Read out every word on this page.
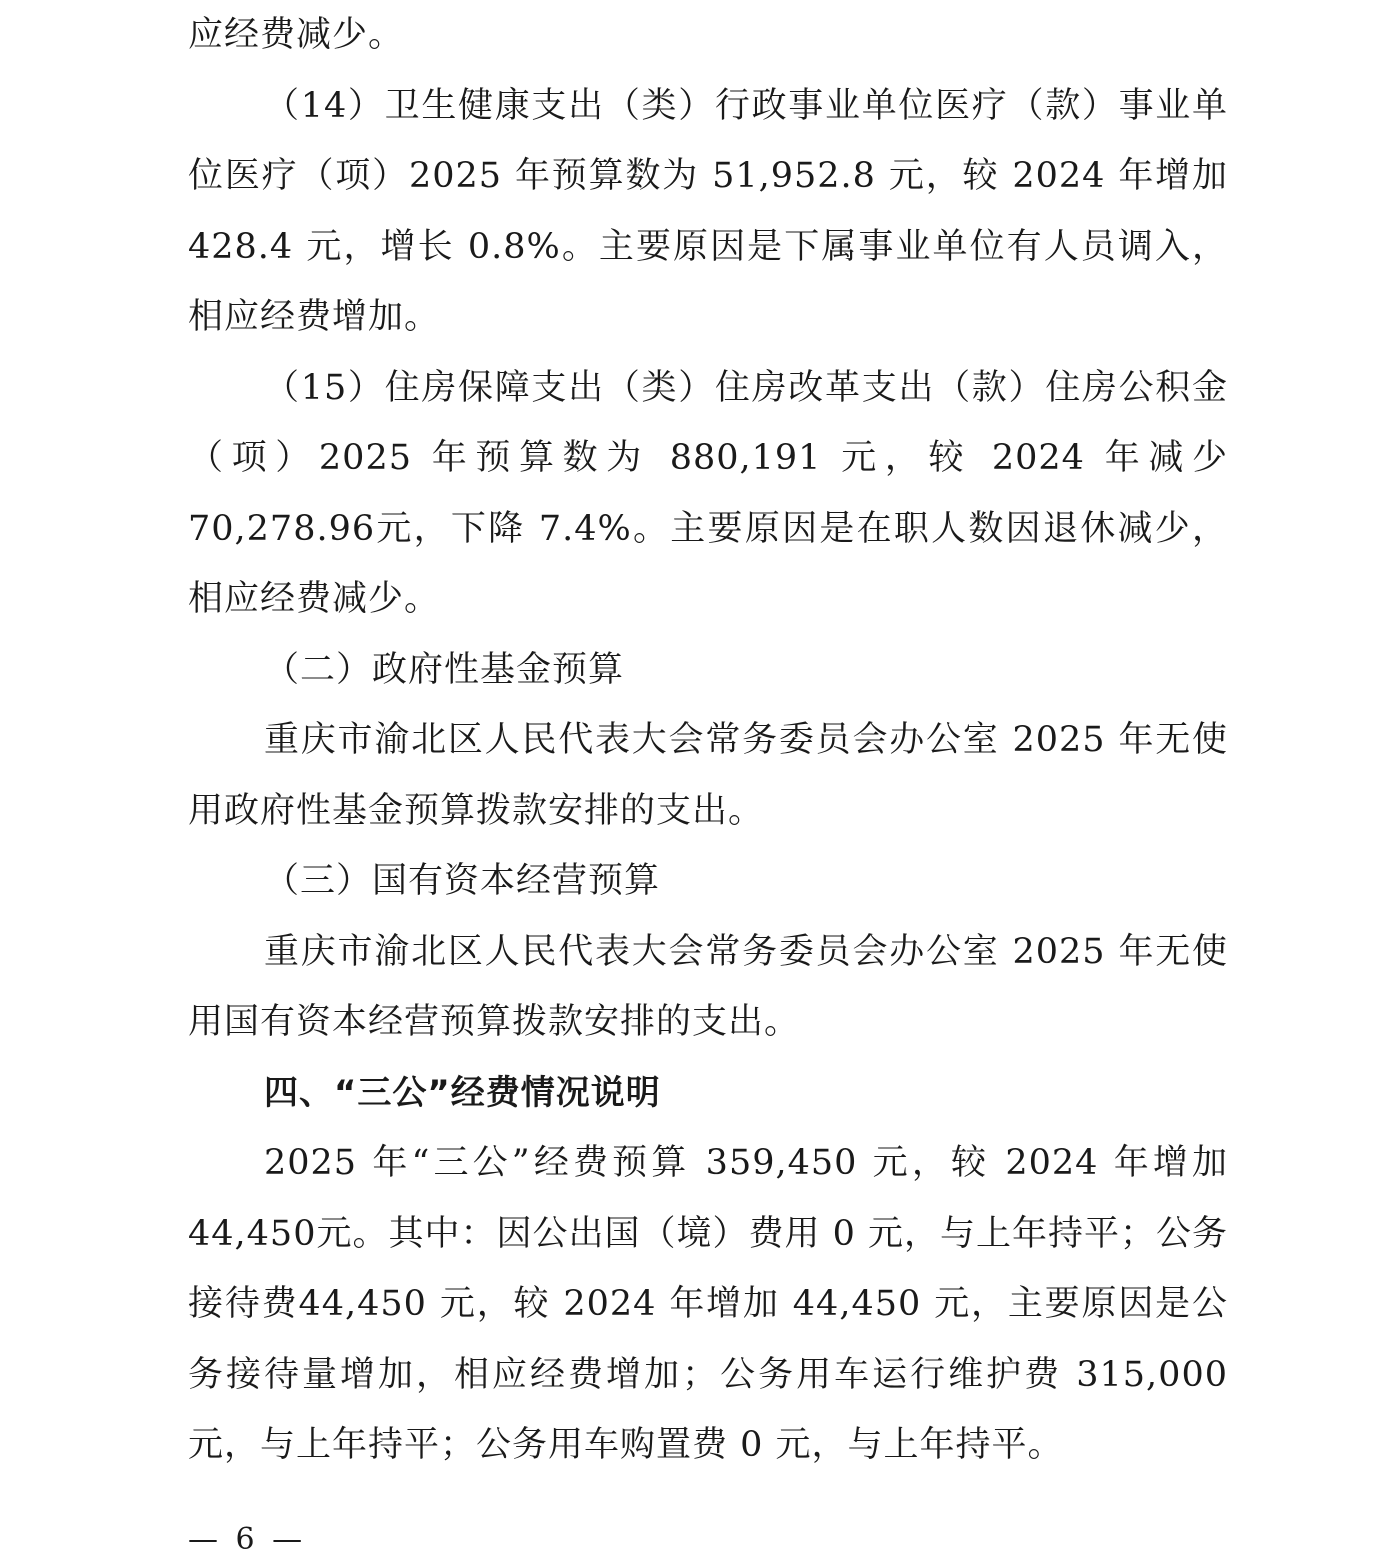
应经费减少。

（14）卫生健康支出（类）行政事业单位医疗（款）事业单位医疗（项）2025 年预算数为 51,952.8 元，较 2024 年增加428.4 元，增长 0.8%。主要原因是下属事业单位有人员调入，相应经费增加。

（15）住房保障支出（类）住房改革支出（款）住房公积金（项）2025 年预算数为 880,191 元，较 2024 年减少 70,278.96元，下降 7.4%。主要原因是在职人数因退休减少，相应经费减少。

（二）政府性基金预算

重庆市渝北区人民代表大会常务委员会办公室 2025 年无使用政府性基金预算拨款安排的支出。

（三）国有资本经营预算

重庆市渝北区人民代表大会常务委员会办公室 2025 年无使用国有资本经营预算拨款安排的支出。

四、“三公”经费情况说明

2025 年“三公”经费预算 359,450 元，较 2024 年增加 44,450元。其中：因公出国（境）费用 0 元，与上年持平；公务接待费44,450 元，较 2024 年增加 44,450 元，主要原因是公务接待量增加，相应经费增加；公务用车运行维护费 315,000 元，与上年持平；公务用车购置费 0 元，与上年持平。

— 6 —
